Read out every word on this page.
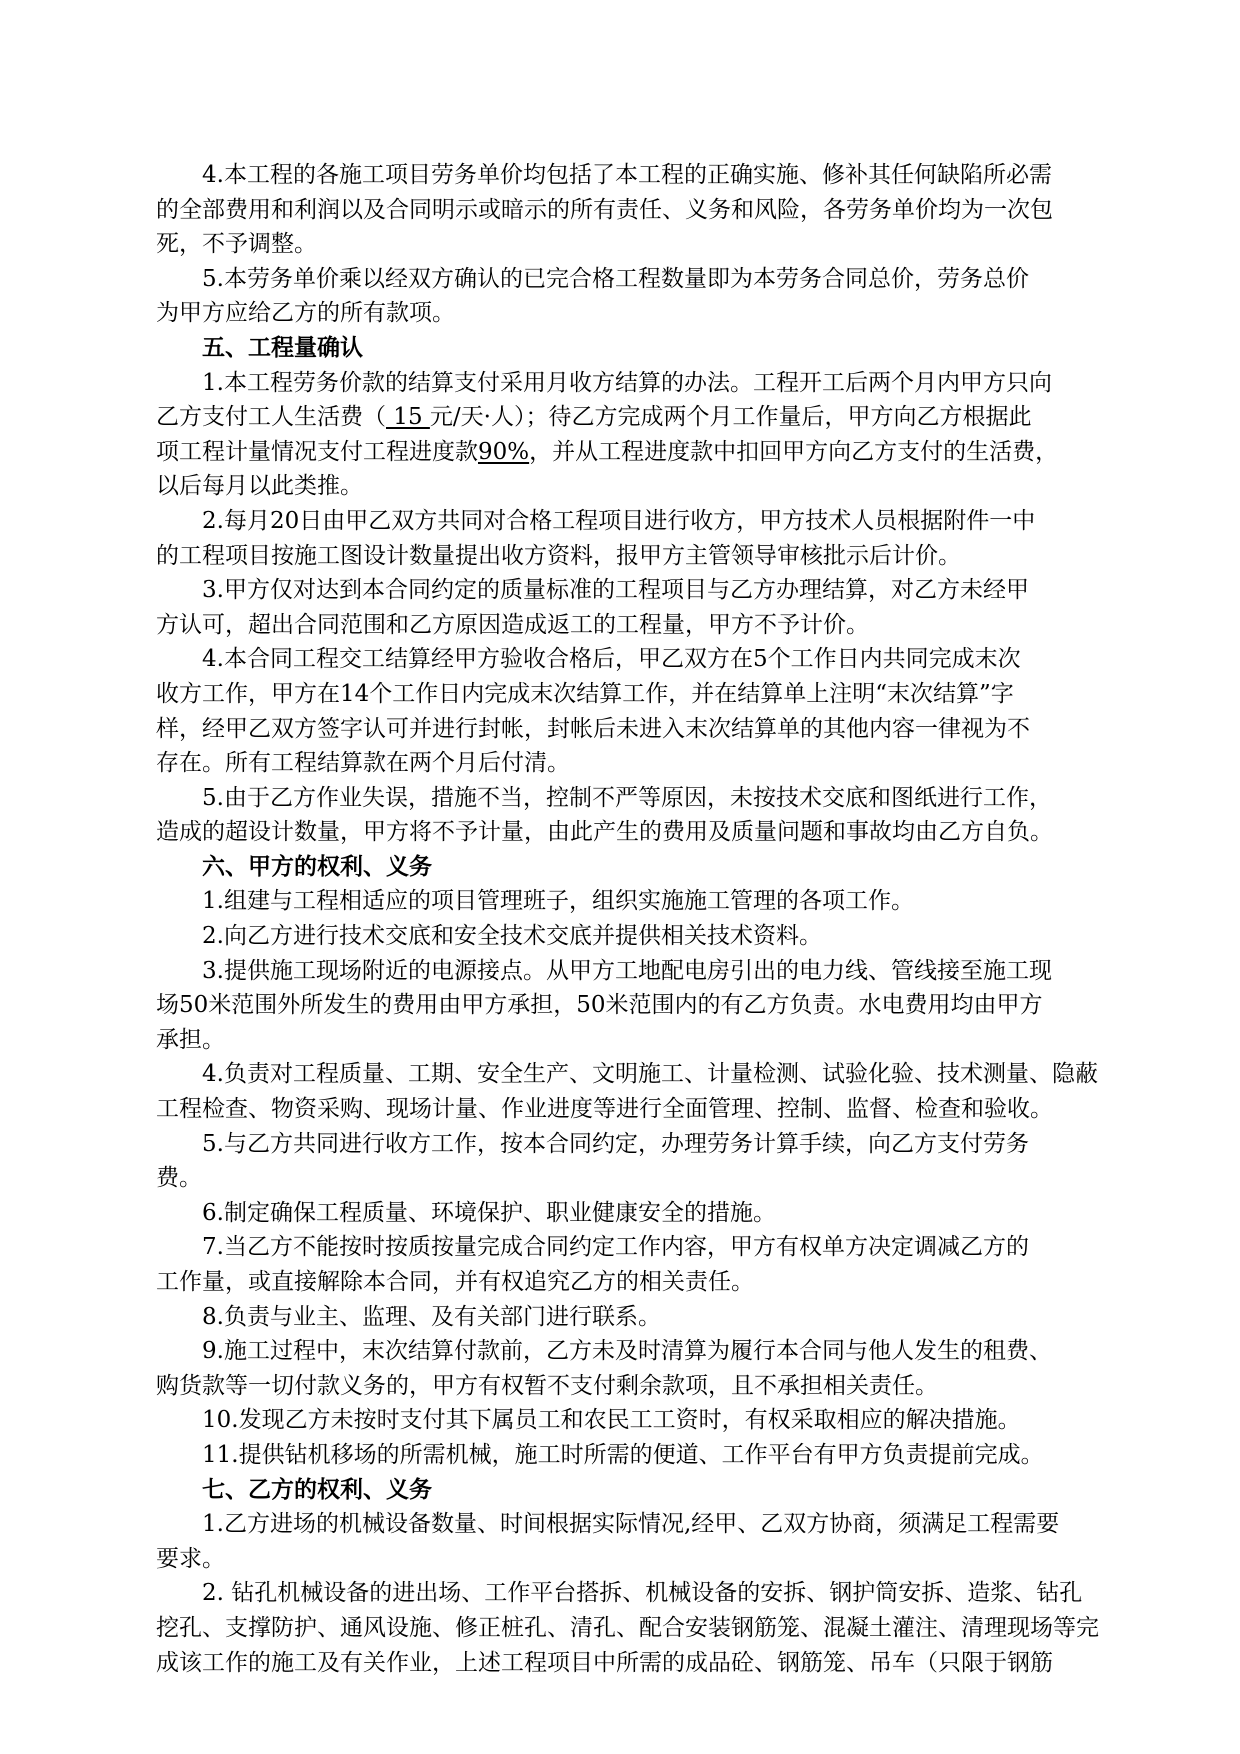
4.本工程的各施工项目劳务单价均包括了本工程的正确实施、修补其任何缺陷所必需

的全部费用和利润以及合同明示或暗示的所有责任、义务和风险，各劳务单价均为一次包

死，不予调整。

5.本劳务单价乘以经双方确认的已完合格工程数量即为本劳务合同总价，劳务总价

为甲方应给乙方的所有款项。

五、工程量确认

1.本工程劳务价款的结算支付采用月收方结算的办法。工程开工后两个月内甲方只向

乙方支付工人生活费（ 15 元/天·人）；待乙方完成两个月工作量后，甲方向乙方根据此

项工程计量情况支付工程进度款90%，并从工程进度款中扣回甲方向乙方支付的生活费，

以后每月以此类推。

2.每月20日由甲乙双方共同对合格工程项目进行收方，甲方技术人员根据附件一中

的工程项目按施工图设计数量提出收方资料，报甲方主管领导审核批示后计价。

3.甲方仅对达到本合同约定的质量标准的工程项目与乙方办理结算，对乙方未经甲

方认可，超出合同范围和乙方原因造成返工的工程量，甲方不予计价。

4.本合同工程交工结算经甲方验收合格后，甲乙双方在5个工作日内共同完成末次

收方工作，甲方在14个工作日内完成末次结算工作，并在结算单上注明“末次结算”字

样，经甲乙双方签字认可并进行封帐，封帐后未进入末次结算单的其他内容一律视为不

存在。所有工程结算款在两个月后付清。

5.由于乙方作业失误，措施不当，控制不严等原因，未按技术交底和图纸进行工作，

造成的超设计数量，甲方将不予计量，由此产生的费用及质量问题和事故均由乙方自负。

六、甲方的权利、义务

1.组建与工程相适应的项目管理班子，组织实施施工管理的各项工作。

2.向乙方进行技术交底和安全技术交底并提供相关技术资料。

3.提供施工现场附近的电源接点。从甲方工地配电房引出的电力线、管线接至施工现

场50米范围外所发生的费用由甲方承担，50米范围内的有乙方负责。水电费用均由甲方

承担。

4.负责对工程质量、工期、安全生产、文明施工、计量检测、试验化验、技术测量、隐蔽

工程检查、物资采购、现场计量、作业进度等进行全面管理、控制、监督、检查和验收。

5.与乙方共同进行收方工作，按本合同约定，办理劳务计算手续，向乙方支付劳务

费。

6.制定确保工程质量、环境保护、职业健康安全的措施。

7.当乙方不能按时按质按量完成合同约定工作内容，甲方有权单方决定调减乙方的

工作量，或直接解除本合同，并有权追究乙方的相关责任。

8.负责与业主、监理、及有关部门进行联系。

9.施工过程中，末次结算付款前，乙方未及时清算为履行本合同与他人发生的租费、

购货款等一切付款义务的，甲方有权暂不支付剩余款项，且不承担相关责任。

10.发现乙方未按时支付其下属员工和农民工工资时，有权采取相应的解决措施。

11.提供钻机移场的所需机械，施工时所需的便道、工作平台有甲方负责提前完成。

七、乙方的权利、义务

1.乙方进场的机械设备数量、时间根据实际情况,经甲、乙双方协商，须满足工程需要

要求。

2. 钻孔机械设备的进出场、工作平台搭拆、机械设备的安拆、钢护筒安拆、造浆、钻孔

挖孔、支撑防护、通风设施、修正桩孔、清孔、配合安装钢筋笼、混凝土灌注、清理现场等完

成该工作的施工及有关作业，上述工程项目中所需的成品砼、钢筋笼、吊车（只限于钢筋
